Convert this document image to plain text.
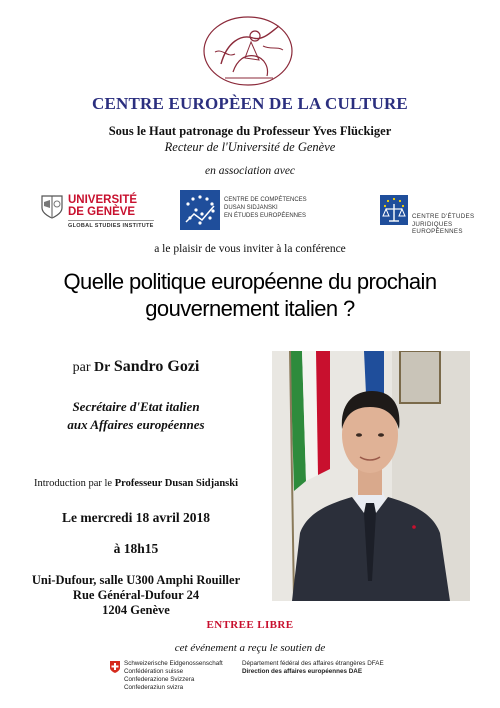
CENTRE EUROPÈEN DE LA CULTURE
Sous le Haut patronage du Professeur Yves Flückiger
Recteur de l'Université de Genève
en association avec
UNIVERSITÉ
DE GENÈVE
GLOBAL STUDIES INSTITUTE
CENTRE DE COMPÉTENCES
DUSAN SIDJANSKI
EN ÉTUDES EUROPÉENNES	CENTRE D'ÉTUDES
JURIDIQUES EUROPÉENNES
a le plaisir de vous inviter à la conférence
Quelle politique européenne du prochain
gouvernement italien ?
par Dr Sandro Gozi
Secrétaire d'Etat italien
aux Affaires européennes
Introduction par le Professeur Dusan Sidjanski
Le mercredi 18 avril 2018
à 18h15
Uni-Dufour, salle U300 Amphi Rouiller
Rue Général-Dufour 24
1204 Genève
ENTREE LIBRE
cet événement a reçu le soutien de
Schweizerische Eidgenossenschaft
Confédération suisse
Confederazione Svizzera
Confederaziun svizra
Département fédéral des affaires étrangères DFAE
Direction des affaires européennes DAE
